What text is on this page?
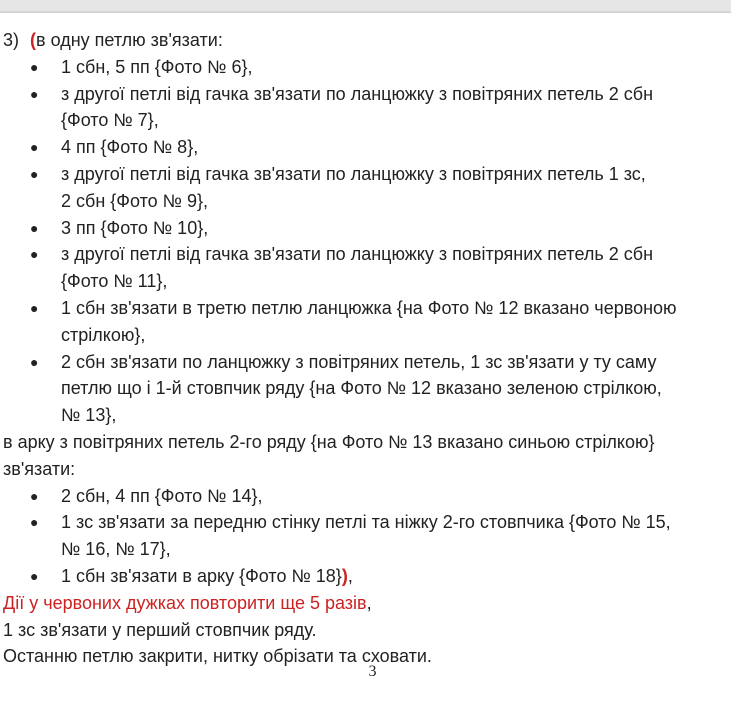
3) (в одну петлю зв'язати:
● 1 сбн, 5 пп {Фото № 6},
● з другої петлі від гачка зв'язати по ланцюжку з повітряних петель 2 сбн
{Фото № 7},
● 4 пп {Фото № 8},
● з другої петлі від гачка зв'язати по ланцюжку з повітряних петель 1 зс,
2 сбн {Фото № 9},
● 3 пп {Фото № 10},
● з другої петлі від гачка зв'язати по ланцюжку з повітряних петель 2 сбн
{Фото № 11},
● 1 сбн зв'язати в третю петлю ланцюжка {на Фото № 12 вказано червоною
стрілкою},
● 2 сбн зв'язати по ланцюжку з повітряних петель, 1 зс зв'язати у ту саму
петлю що і 1-й стовпчик ряду {на Фото № 12 вказано зеленою стрілкою,
№ 13},
в арку з повітряних петель 2-го ряду {на Фото № 13 вказано синьою стрілкою}
зв'язати:
● 2 сбн, 4 пп {Фото № 14},
● 1 зс зв'язати за передню стінку петлі та ніжку 2-го стовпчика {Фото № 15,
№ 16, № 17},
● 1 сбн зв'язати в арку {Фото № 18}),
Дії у червоних дужках повторити ще 5 разів,
1 зс зв'язати у перший стовпчик ряду.
Останню петлю закрити, нитку обрізати та сховати.
3
